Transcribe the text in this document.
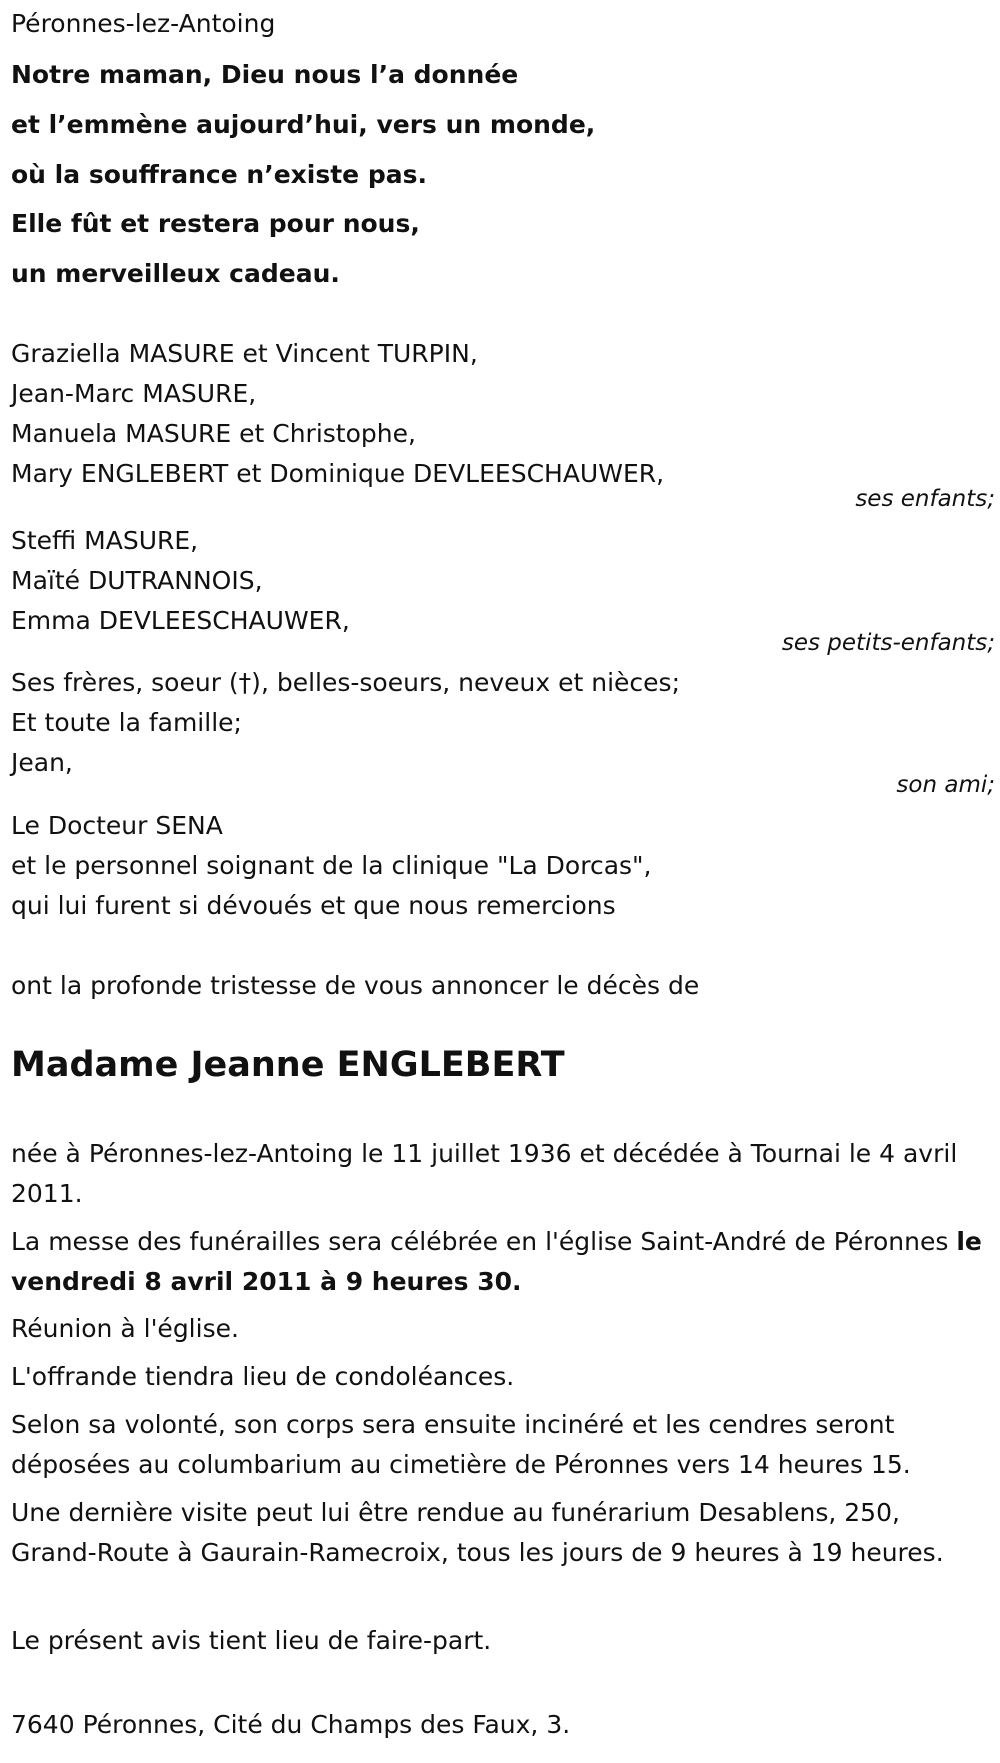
Péronnes-lez-Antoing
Notre maman, Dieu nous l’a donnée
et l’emmène aujourd’hui, vers un monde,
où la souffrance n’existe pas.
Elle fût et restera pour nous,
un merveilleux cadeau.
Graziella MASURE et Vincent TURPIN,
Jean-Marc MASURE,
Manuela MASURE et Christophe,
Mary ENGLEBERT et Dominique DEVLEESCHAUWER,
ses enfants;
Steffi MASURE,
Maïté DUTRANNOIS,
Emma DEVLEESCHAUWER,
ses petits-enfants;
Ses frères, soeur (†), belles-soeurs, neveux et nièces;
Et toute la famille;
Jean,
son ami;
Le Docteur SENA
et le personnel soignant de la clinique "La Dorcas",
qui lui furent si dévoués et que nous remercions
ont la profonde tristesse de vous annoncer le décès de
Madame Jeanne ENGLEBERT
née à Péronnes-lez-Antoing le 11 juillet 1936 et décédée à Tournai le 4 avril 2011.
La messe des funérailles sera célébrée en l'église Saint-André de Péronnes le vendredi 8 avril 2011 à 9 heures 30.
Réunion à l'église.
L'offrande tiendra lieu de condoléances.
Selon sa volonté, son corps sera ensuite incinéré et les cendres seront déposées au columbarium au cimetière de Péronnes vers 14 heures 15.
Une dernière visite peut lui être rendue au funérarium Desablens, 250, Grand-Route à Gaurain-Ramecroix, tous les jours de 9 heures à 19 heures.
Le présent avis tient lieu de faire-part.
7640 Péronnes, Cité du Champs des Faux, 3.
